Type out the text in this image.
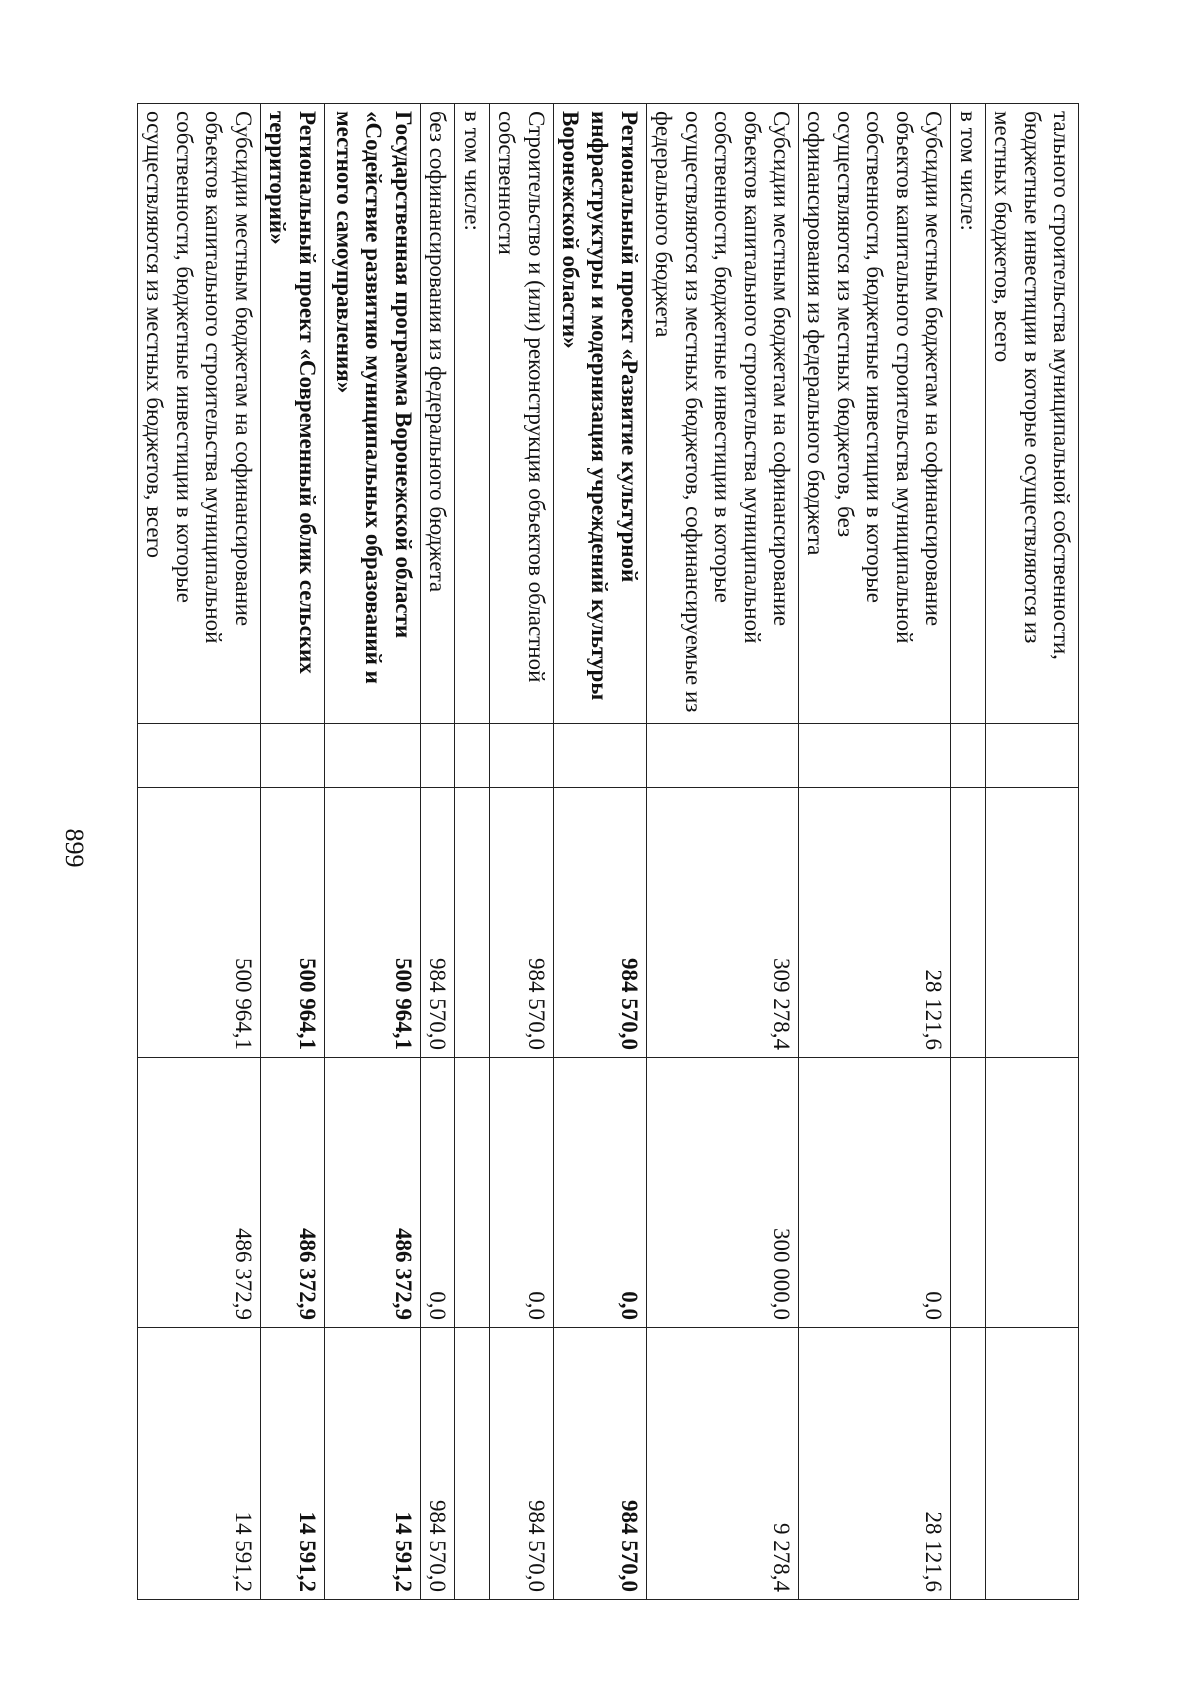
899
тального строительства муниципальной собственности, бюджетные инвестиции в которые осуществляются из местных бюджетов, всего				
в том числе:				
Субсидии местным бюджетам на софинансирование объектов капитального строительства муниципальной собственности, бюджетные инвестиции в которые осуществляются из местных бюджетов, без софинансирования из федерального бюджета		28 121,6	0,0	28 121,6
Субсидии местным бюджетам на софинансирование объектов капитального строительства муниципальной собственности, бюджетные инвестиции в которые осуществляются из местных бюджетов, софинансируемые из федерального бюджета		309 278,4	300 000,0	9 278,4
Региональный проект «Развитие культурной инфраструктуры и модернизация учреждений культуры Воронежской области»		984 570,0	0,0	984 570,0
Строительство и (или) реконструкция объектов областной собственности		984 570,0	0,0	984 570,0
в том числе:				
без софинансирования из федерального бюджета		984 570,0	0,0	984 570,0
Государственная программа Воронежской области «Содействие развитию муниципальных образований и местного самоуправления»		500 964,1	486 372,9	14 591,2
Региональный проект «Современный облик сельских территорий»		500 964,1	486 372,9	14 591,2
Субсидии местным бюджетам на софинансирование объектов капитального строительства муниципальной собственности, бюджетные инвестиции в которые осуществляются из местных бюджетов, всего		500 964,1	486 372,9	14 591,2
